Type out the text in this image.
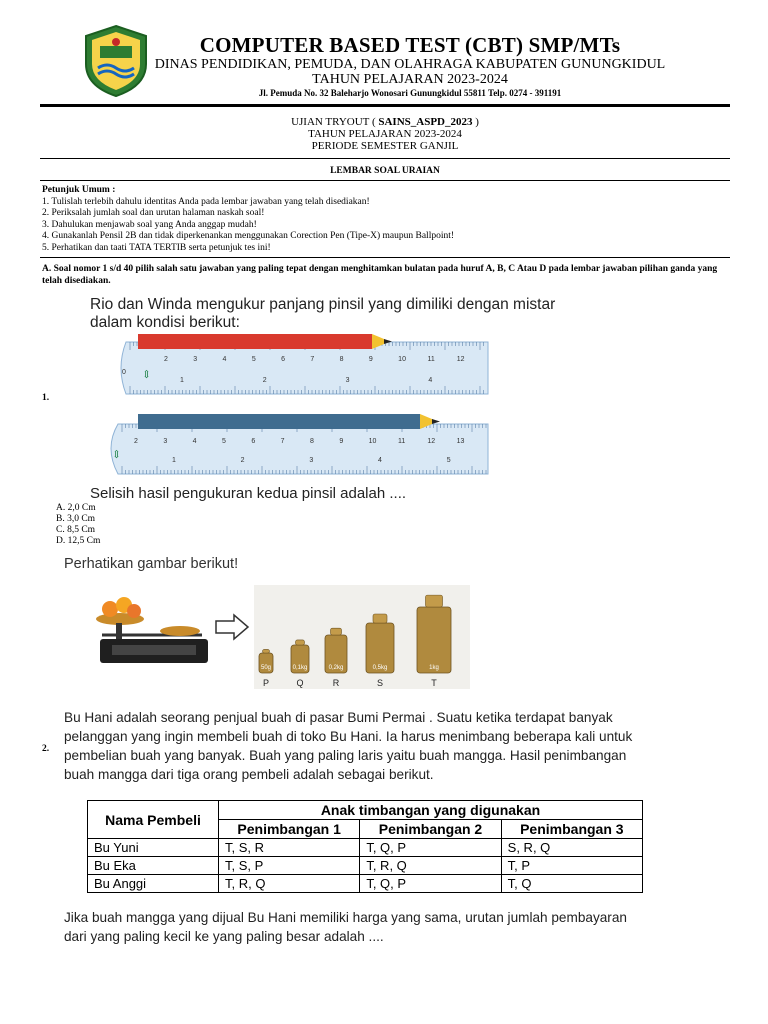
COMPUTER BASED TEST (CBT) SMP/MTs
DINAS PENDIDIKAN, PEMUDA, DAN OLAHRAGA KABUPATEN GUNUNGKIDUL
TAHUN PELAJARAN 2023-2024
Jl. Pemuda No. 32 Baleharjo Wonosari Gunungkidul 55811 Telp. 0274 - 391191
UJIAN TRYOUT ( SAINS_ASPD_2023 )
TAHUN PELAJARAN 2023-2024
PERIODE SEMESTER GANJIL
LEMBAR SOAL URAIAN
Petunjuk Umum :
1. Tulislah terlebih dahulu identitas Anda pada lembar jawaban yang telah disediakan!
2. Periksalah jumlah soal dan urutan halaman naskah soal!
3. Dahulukan menjawab soal yang Anda anggap mudah!
4. Gunakanlah Pensil 2B dan tidak diperkenankan menggunakan Corection Pen (Tipe-X) maupun Ballpoint!
5. Perhatikan dan taati TATA TERTIB serta petunjuk tes ini!
A. Soal nomor 1 s/d 40 pilih salah satu jawaban yang paling tepat dengan menghitamkan bulatan pada huruf A, B, C Atau D pada lembar jawaban pilihan ganda yang telah disediakan.
Rio dan Winda mengukur panjang pinsil yang dimiliki dengan mistar dalam kondisi berikut:
1.
0 ⇕
2	3	4	5	6	7	8	9	10	11	12
1	2	3	4
⇕
2	3	4	5	6	7	8	9	10	11	12	13
1	2	3	4	5
Selisih hasil pengukuran kedua pinsil adalah ....
A. 2,0 Cm
B. 3,0 Cm
C. 8,5 Cm
D. 12,5 Cm
Perhatikan gambar berikut!
50g
P
0,1kg
Q
0,2kg
R
0,5kg
S
1kg
T
2.
Bu Hani adalah seorang penjual buah di pasar Bumi Permai . Suatu ketika terdapat banyak pelanggan yang ingin membeli buah di toko Bu Hani. Ia harus menimbang beberapa kali untuk pembelian buah yang banyak. Buah yang paling laris yaitu buah mangga. Hasil penimbangan buah mangga dari tiga orang pembeli adalah sebagai berikut.
Nama Pembeli	Anak timbangan yang digunakan		
	Penimbangan 1	Penimbangan 2	Penimbangan 3
Bu Yuni	T, S, R	T, Q, P	S, R, Q
Bu Eka	T, S, P	T, R, Q	T, P
Bu Anggi	T, R, Q	T, Q, P	T, Q
Jika buah mangga yang dijual Bu Hani memiliki harga yang sama, urutan jumlah pembayaran dari yang paling kecil ke yang paling besar adalah ....
